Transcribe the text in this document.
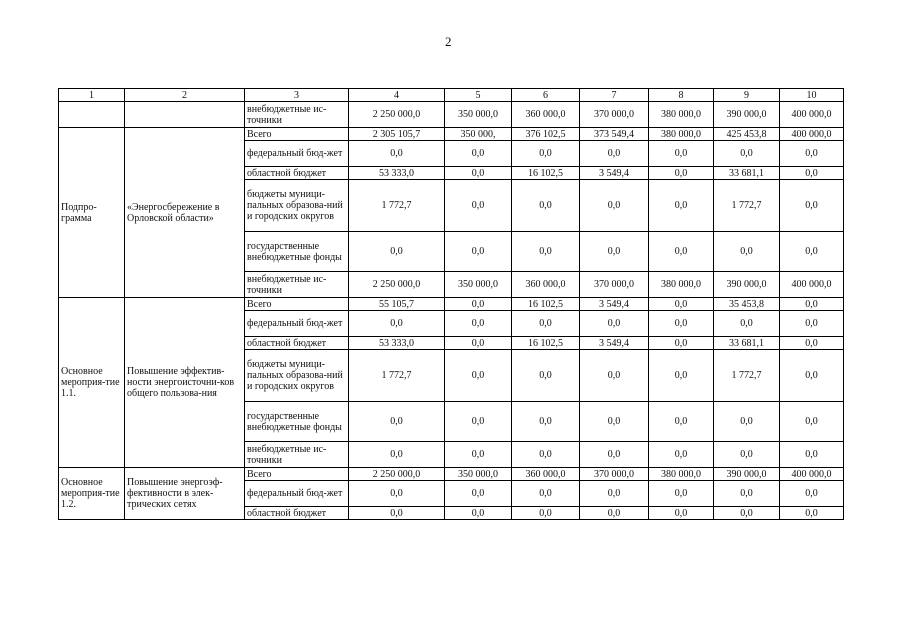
2
1	2	3	4	5	6	7	8	9	10
		внебюджетные ис-точники	2 250 000,0	350 000,0	360 000,0	370 000,0	380 000,0	390 000,0	400 000,0
Подпро-грамма	«Энергосбережение в Орловской области»	Всего	2 305 105,7	350 000,	376 102,5	373 549,4	380 000,0	425 453,8	400 000,0
		федеральный бюд-жет	0,0	0,0	0,0	0,0	0,0	0,0	0,0
		областной бюджет	53 333,0	0,0	16 102,5	3 549,4	0,0	33 681,1	0,0
		бюджеты муници-пальных образова-ний и городских округов	1 772,7	0,0	0,0	0,0	0,0	1 772,7	0,0
		государственные внебюджетные фонды	0,0	0,0	0,0	0,0	0,0	0,0	0,0
		внебюджетные ис-точники	2 250 000,0	350 000,0	360 000,0	370 000,0	380 000,0	390 000,0	400 000,0
Основное мероприя-тие 1.1.	Повышение эффектив-ности энергоисточни-ков общего пользова-ния	Всего	55 105,7	0,0	16 102,5	3 549,4	0,0	35 453,8	0,0
		федеральный бюд-жет	0,0	0,0	0,0	0,0	0,0	0,0	0,0
		областной бюджет	53 333,0	0,0	16 102,5	3 549,4	0,0	33 681,1	0,0
		бюджеты муници-пальных образова-ний и городских округов	1 772,7	0,0	0,0	0,0	0,0	1 772,7	0,0
		государственные внебюджетные фонды	0,0	0,0	0,0	0,0	0,0	0,0	0,0
		внебюджетные ис-точники	0,0	0,0	0,0	0,0	0,0	0,0	0,0
Основное мероприя-тие 1.2.	Повышение энергоэф-фективности в элек-трических сетях	Всего	2 250 000,0	350 000,0	360 000,0	370 000,0	380 000,0	390 000,0	400 000,0
		федеральный бюд-жет	0,0	0,0	0,0	0,0	0,0	0,0	0,0
		областной бюджет	0,0	0,0	0,0	0,0	0,0	0,0	0,0
